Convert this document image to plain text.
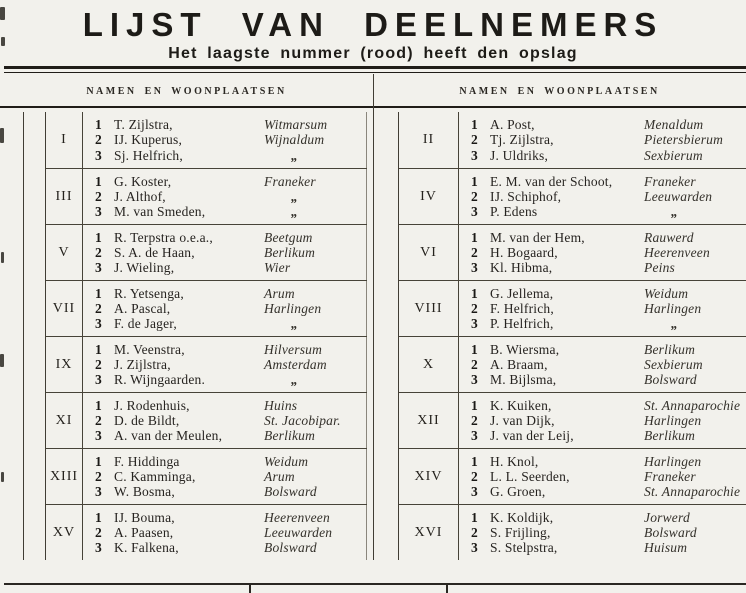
LIJST VAN DEELNEMERS
Het laagste nummer (rood) heeft den opslag
NAMEN EN WOONPLAATSEN	NAMEN EN WOONPLAATSEN
I
1 T. Zijlstra,	Witmarsum
2 IJ. Kuperus,	Wijnaldum
3 Sj. Helfrich,	„
III
1 G. Koster,	Franeker
2 J. Althof,	„
3 M. van Smeden,	„
V
1 R. Terpstra o.e.a.,	Beetgum
2 S. A. de Haan,	Berlikum
3 J. Wieling,	Wier
VII
1 R. Yetsenga,	Arum
2 A. Pascal,	Harlingen
3 F. de Jager,	„
IX
1 M. Veenstra,	Hilversum
2 J. Zijlstra,	Amsterdam
3 R. Wijngaarden.	„
XI
1 J. Rodenhuis,	Huins
2 D. de Bildt,	St. Jacobipar.
3 A. van der Meulen,	Berlikum
XIII
1 F. Hiddinga	Weidum
2 C. Kamminga,	Arum
3 W. Bosma,	Bolsward
XV
1 IJ. Bouma,	Heerenveen
2 A. Paasen,	Leeuwarden
3 K. Falkena,	Bolsward
II
1 A. Post,	Menaldum
2 Tj. Zijlstra,	Pietersbierum
3 J. Uldriks,	Sexbierum
IV
1 E. M. van der Schoot, Franeker
2 IJ. Schiphof,	Leeuwarden
3 P. Edens	„
VI
1 M. van der Hem,	Rauwerd
2 H. Bogaard,	Heerenveen
3 Kl. Hibma,	Peins
VIII
1 G. Jellema,	Weidum
2 F. Helfrich,	Harlingen
3 P. Helfrich,	„
X
1 B. Wiersma,	Berlikum
2 A. Braam,	Sexbierum
3 M. Bijlsma,	Bolsward
XII
1 K. Kuiken,	St. Annaparochie
2 J. van Dijk,	Harlingen
3 J. van der Leij,	Berlikum
XIV
1 H. Knol,	Harlingen
2 L. L. Seerden,	Franeker
3 G. Groen,	St. Annaparochie
XVI
1 K. Koldijk,	Jorwerd
2 S. Frijling,	Bolsward
3 S. Stelpstra,	Huisum
